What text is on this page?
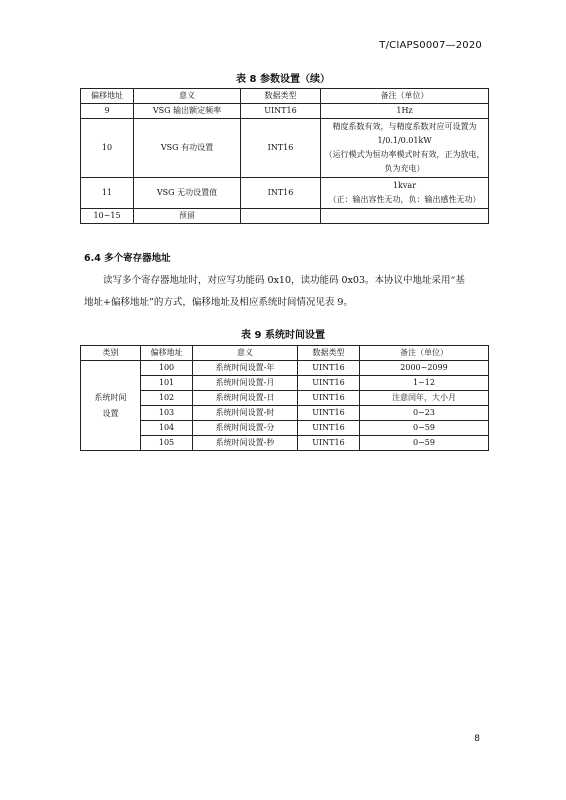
T/CIAPS0007—2020
表 8 参数设置（续）
偏移地址	意义	数据类型	备注（单位）
9	VSG 输出额定频率	UINT16	1Hz

10	VSG 有功设置	INT16	精度系数有效，与精度系数对应可设置为
1/0.1/0.01kW
（运行模式为恒功率模式时有效，正为放电，
负为充电）

11	VSG 无功设置值	INT16	1kvar
（正：输出容性无功，负：输出感性无功）

10~15	预留		
6.4 多个寄存器地址
读写多个寄存器地址时，对应写功能码 0x10，读功能码 0x03。本协议中地址采用“基
地址+偏移地址”的方式，偏移地址及相应系统时间情况见表 9。
表 9 系统时间设置
类别	偏移地址	意义	数据类型	备注（单位）
系统时间设置	100	系统时间设置-年	UINT16	2000~2099
	101	系统时间设置-月	UINT16	1~12
	102	系统时间设置-日	UINT16	注意闰年，大小月
	103	系统时间设置-时	UINT16	0~23
	104	系统时间设置-分	UINT16	0~59
	105	系统时间设置-秒	UINT16	0~59
8
